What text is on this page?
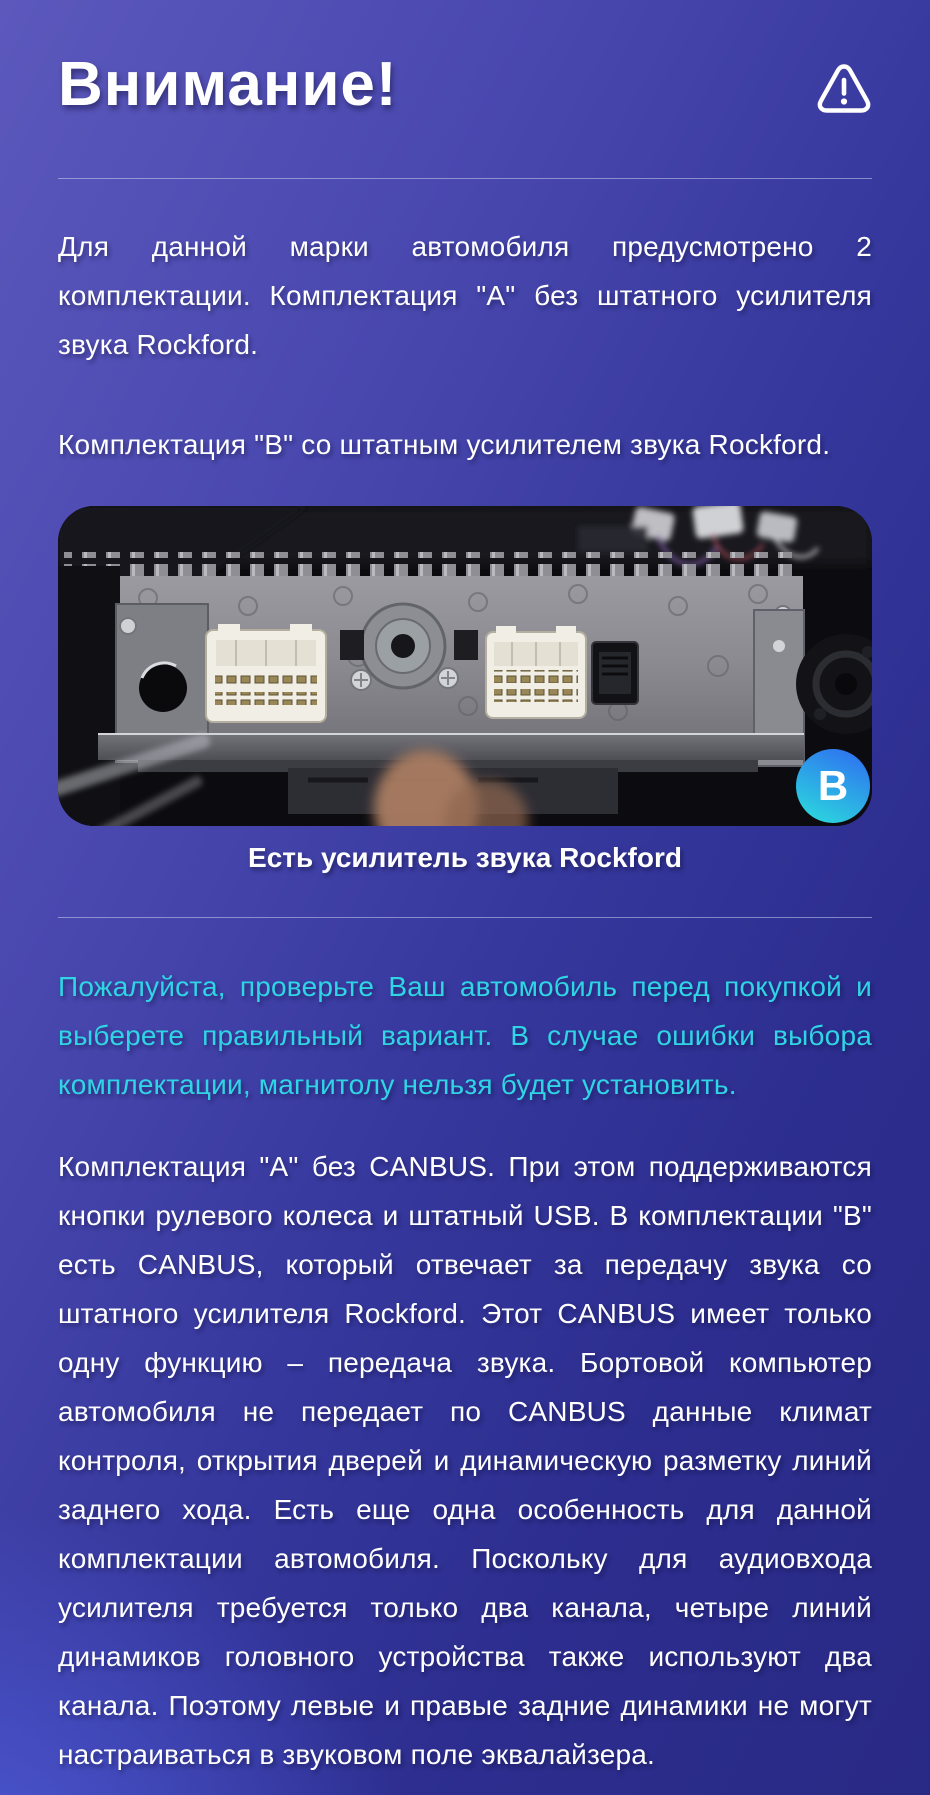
Внимание!

Для данной марки автомобиля предусмотрено 2 комплектации. Комплектация "А" без штатного усилителя звука Rockford.

Комплектация "В" со штатным усилителем звука Rockford.

B
Есть усилитель звука Rockford

Пожалуйста, проверьте Ваш автомобиль перед покупкой и выберете правильный вариант. В случае ошибки выбора комплектации, магнитолу нельзя будет установить.

Комплектация "А" без CANBUS. При этом поддерживаются кнопки рулевого колеса и штатный USB. В комплектации "В" есть CANBUS, который отвечает за передачу звука со штатного усилителя Rockford. Этот CANBUS имеет только одну функцию – передача звука. Бортовой компьютер автомобиля не передает по CANBUS данные климат контроля, открытия дверей и динамическую разметку линий заднего хода. Есть еще одна особенность для данной комплектации автомобиля. Поскольку для аудиовхода усилителя требуется только два канала, четыре линий динамиков головного устройства также используют два канала. Поэтому левые и правые задние динамики не могут настраиваться в звуковом поле эквалайзера.
